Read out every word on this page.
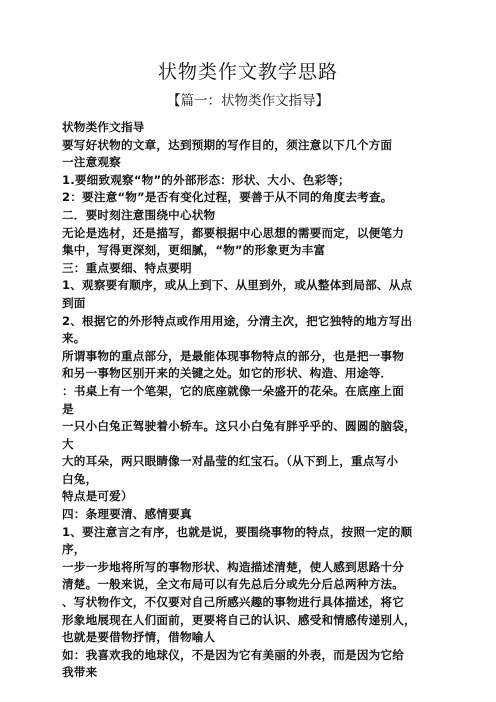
状物类作文教学思路
【篇一：状物类作文指导】

状物类作文指导

要写好状物的文章，达到预期的写作目的，须注意以下几个方面

一注意观察

1.要细致观察“物”的外部形态：形状、大小、色彩等；

2：要注意“物”是否有变化过程，要善于从不同的角度去考查。

二．要时刻注意围绕中心状物

无论是选材，还是描写，都要根据中心思想的需要而定，以便笔力

集中，写得更深刻，更细腻，“物”的形象更为丰富

三：重点要细、特点要明

1、观察要有顺序，或从上到下、从里到外，或从整体到局部、从点

到面

2、根据它的外形特点或作用用途，分清主次，把它独特的地方写出

来。

所谓事物的重点部分，是最能体现事物特点的部分，也是把一事物

和另一事物区别开来的关键之处。如它的形状、构造、用途等．

：书桌上有一个笔架，它的底座就像一朵盛开的花朵。在底座上面

是

一只小白兔正驾驶着小轿车。这只小白兔有胖乎乎的、圆圆的脑袋，

大

大的耳朵，两只眼睛像一对晶莹的红宝石。（从下到上，重点写小

白兔，

特点是可爱）

四：条理要清、感情要真

1、要注意言之有序，也就是说，要围绕事物的特点，按照一定的顺

序，

一步一步地将所写的事物形状、构造描述清楚，使人感到思路十分

清楚。一般来说，全文布局可以有先总后分或先分后总两种方法。

、写状物作文，不仅要对自己所感兴趣的事物进行具体描述，将它

形象地展现在人们面前，更要将自己的认识、感受和情感传递别人，

也就是要借物抒情，借物喻人

如：我喜欢我的地球仪，不是因为它有美丽的外表，而是因为它给

我带来
